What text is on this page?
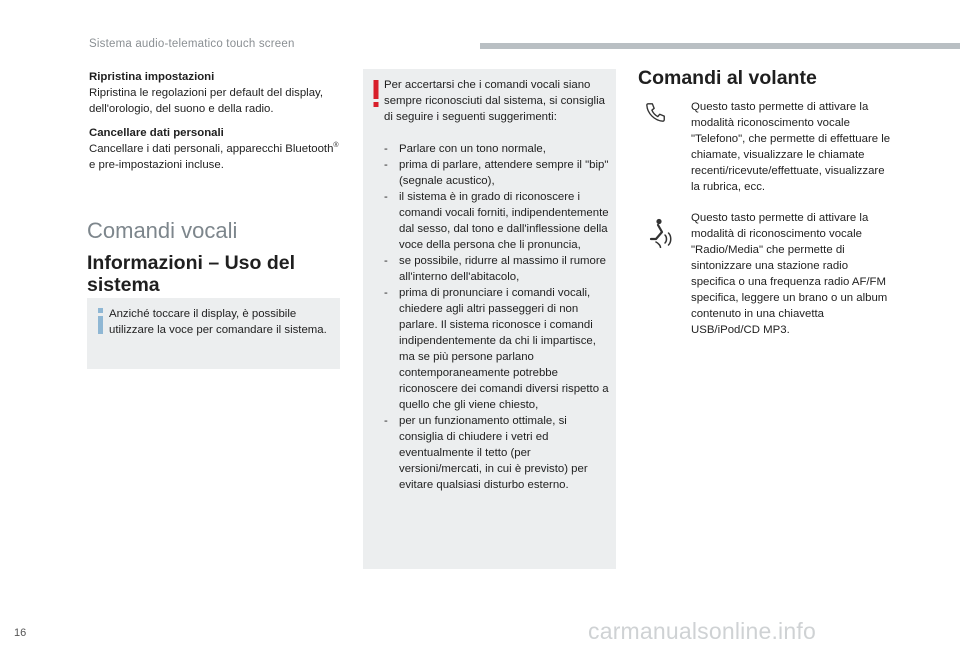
Sistema audio-telematico touch screen
Ripristina impostazioni
Ripristina le regolazioni per default del display, dell'orologio, del suono e della radio.
Cancellare dati personali
Cancellare i dati personali, apparecchi Bluetooth® e pre-impostazioni incluse.
Comandi vocali
Informazioni – Uso del sistema
Anziché toccare il display, è possibile utilizzare la voce per comandare il sistema.
Per accertarsi che i comandi vocali siano sempre riconosciuti dal sistema, si consiglia di seguire i seguenti suggerimenti:
- Parlare con un tono normale,
- prima di parlare, attendere sempre il "bip" (segnale acustico),
- il sistema è in grado di riconoscere i comandi vocali forniti, indipendentemente dal sesso, dal tono e dall'inflessione della voce della persona che li pronuncia,
- se possibile, ridurre al massimo il rumore all'interno dell'abitacolo,
- prima di pronunciare i comandi vocali, chiedere agli altri passeggeri di non parlare. Il sistema riconosce i comandi indipendentemente da chi li impartisce, ma se più persone parlano contemporaneamente potrebbe riconoscere dei comandi diversi rispetto a quello che gli viene chiesto,
- per un funzionamento ottimale, si consiglia di chiudere i vetri ed eventualmente il tetto (per versioni/mercati, in cui è previsto) per evitare qualsiasi disturbo esterno.
Comandi al volante
Questo tasto permette di attivare la modalità riconoscimento vocale "Telefono", che permette di effettuare le chiamate, visualizzare le chiamate recenti/ricevute/effettuate, visualizzare la rubrica, ecc.
Questo tasto permette di attivare la modalità di riconoscimento vocale "Radio/Media" che permette di sintonizzare una stazione radio specifica o una frequenza radio AF/FM specifica, leggere un brano o un album contenuto in una chiavetta USB/iPod/CD MP3.
16	carmanualsonline.info
